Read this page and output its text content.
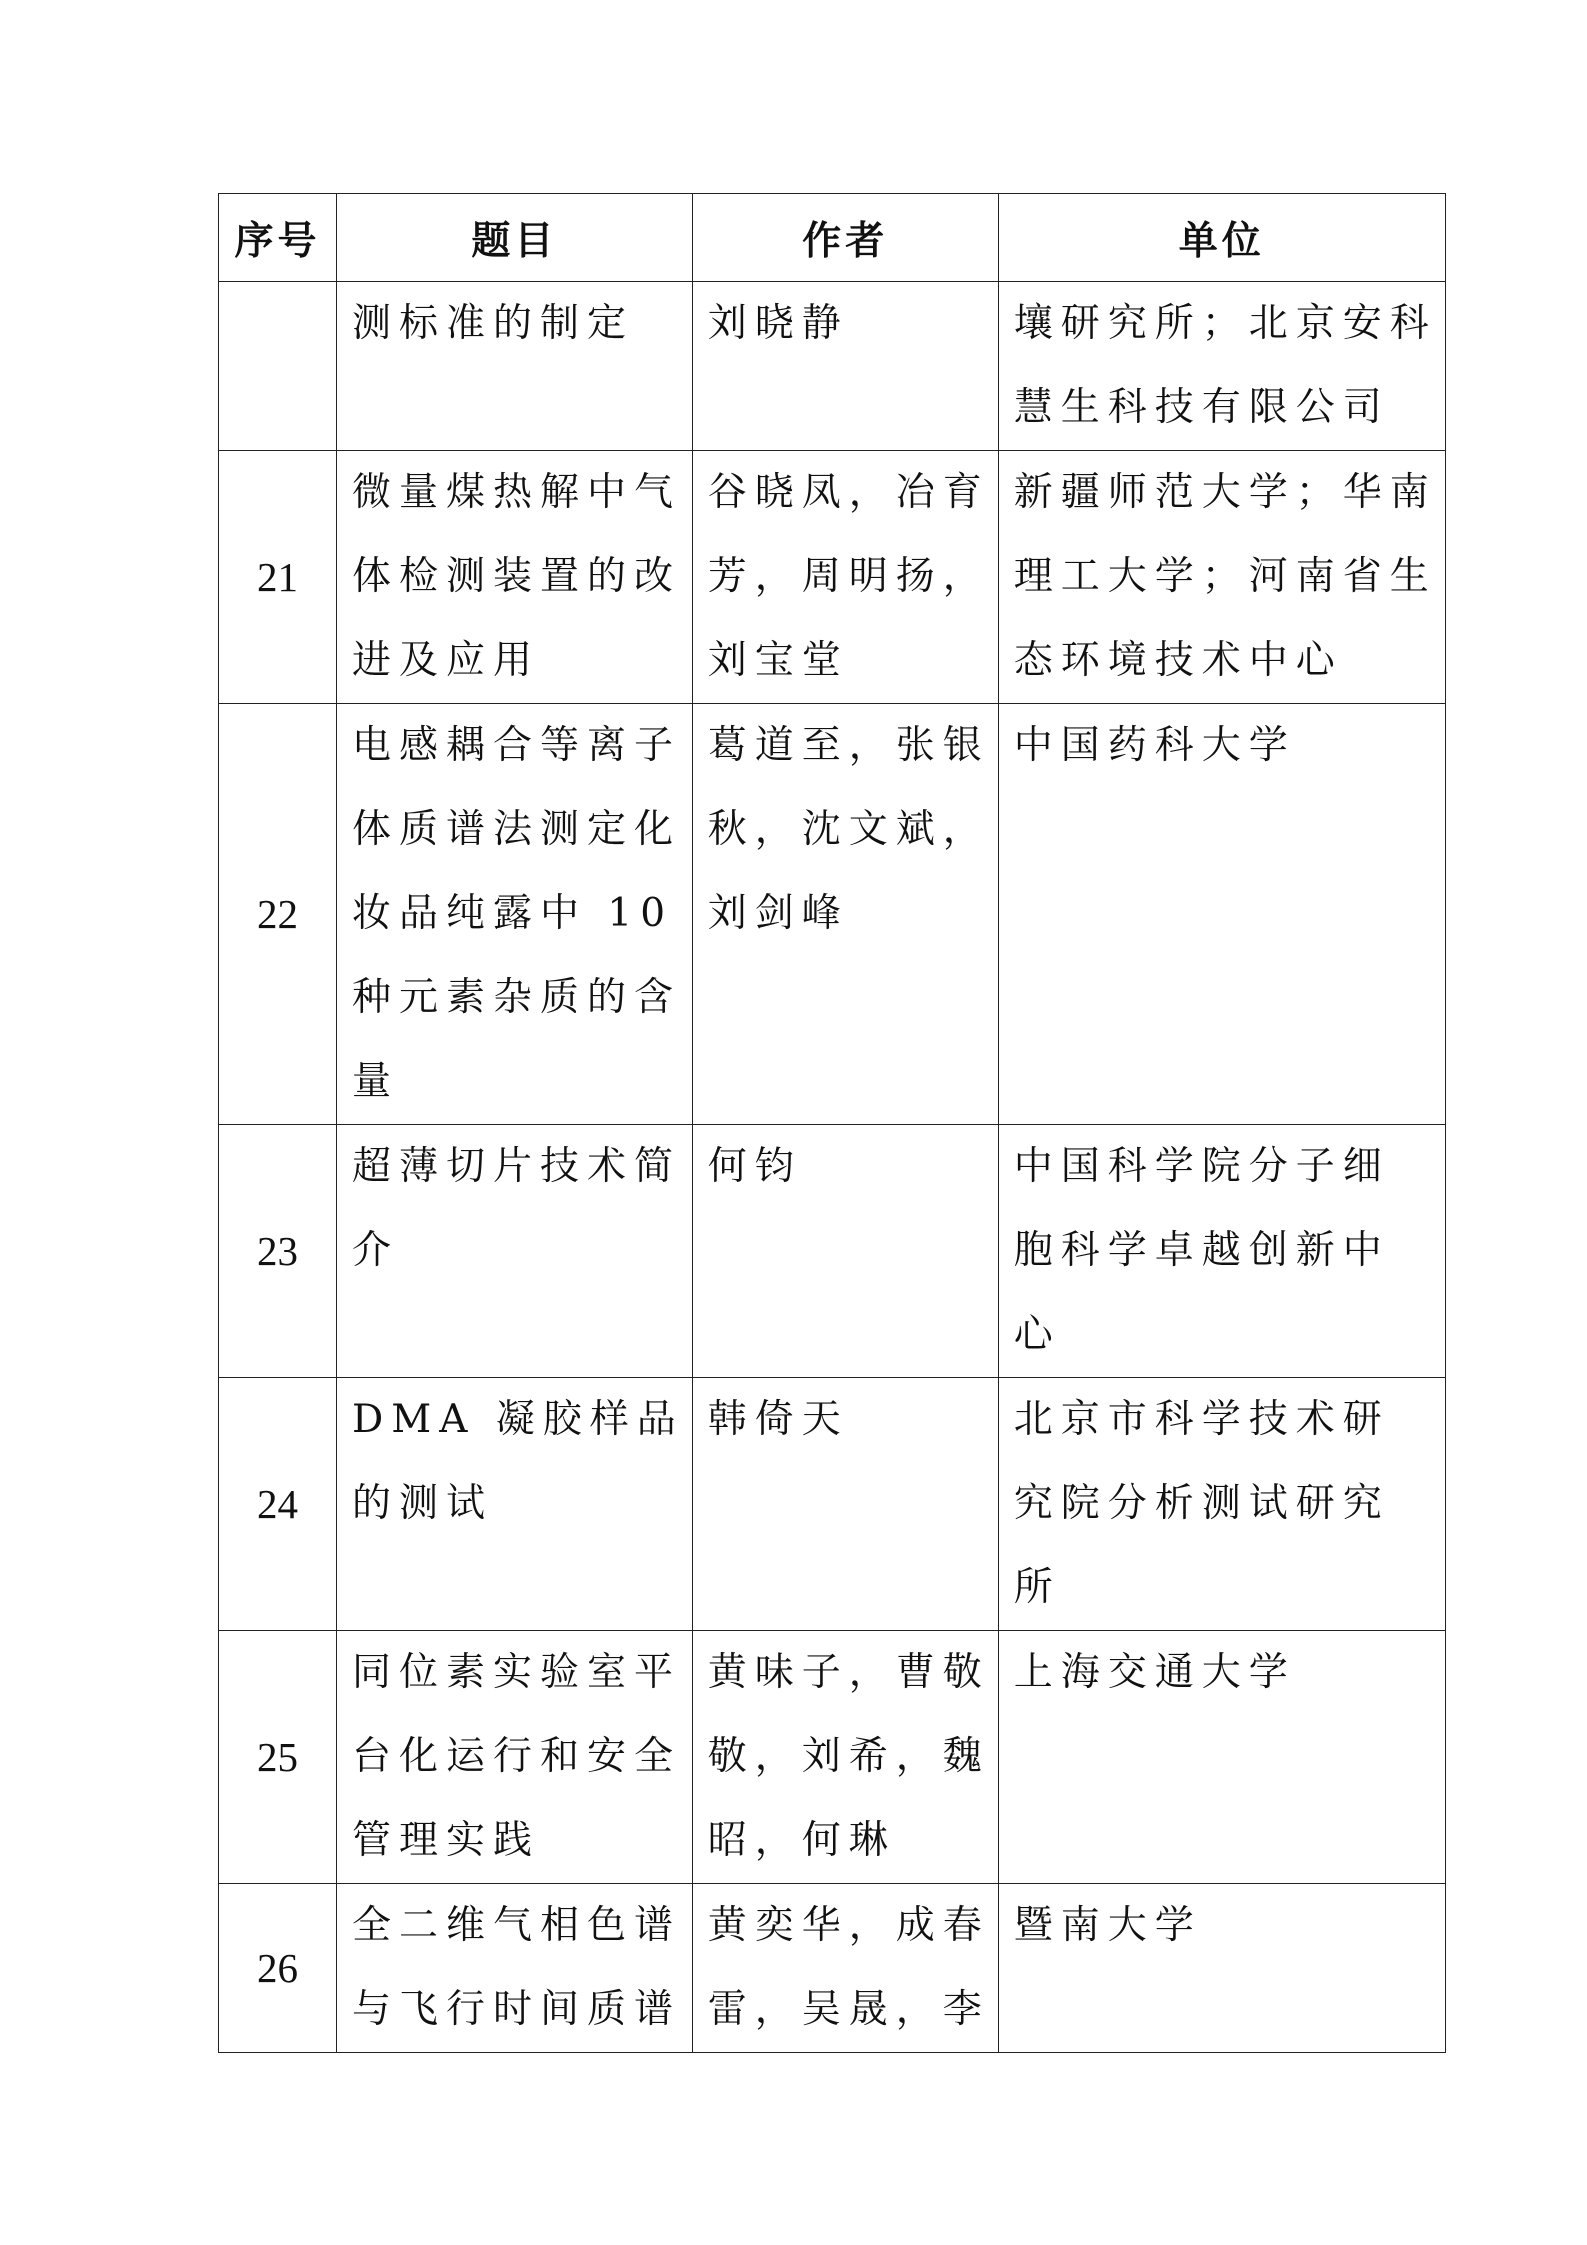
序号	题目	作者	单位

	测标准的制定	刘晓静	壤研究所；北京安科
慧生科技有限公司

21	微量煤热解中气
体检测装置的改
进及应用	谷晓凤，冶育
芳，周明扬，
刘宝堂	新疆师范大学；华南
理工大学；河南省生
态环境技术中心

22	电感耦合等离子
体质谱法测定化
妆品纯露中 10
种元素杂质的含
量	葛道至，张银
秋，沈文斌，
刘剑峰	中国药科大学

23	超薄切片技术简
介	何钧	中国科学院分子细
胞科学卓越创新中
心

24	DMA 凝胶样品
的测试	韩倚天	北京市科学技术研
究院分析测试研究
所

25	同位素实验室平
台化运行和安全
管理实践	黄味子，曹敬
敬，刘希，魏
昭，何琳	上海交通大学

26	全二维气相色谱
与飞行时间质谱	黄奕华，成春
雷，吴晟，李	暨南大学
